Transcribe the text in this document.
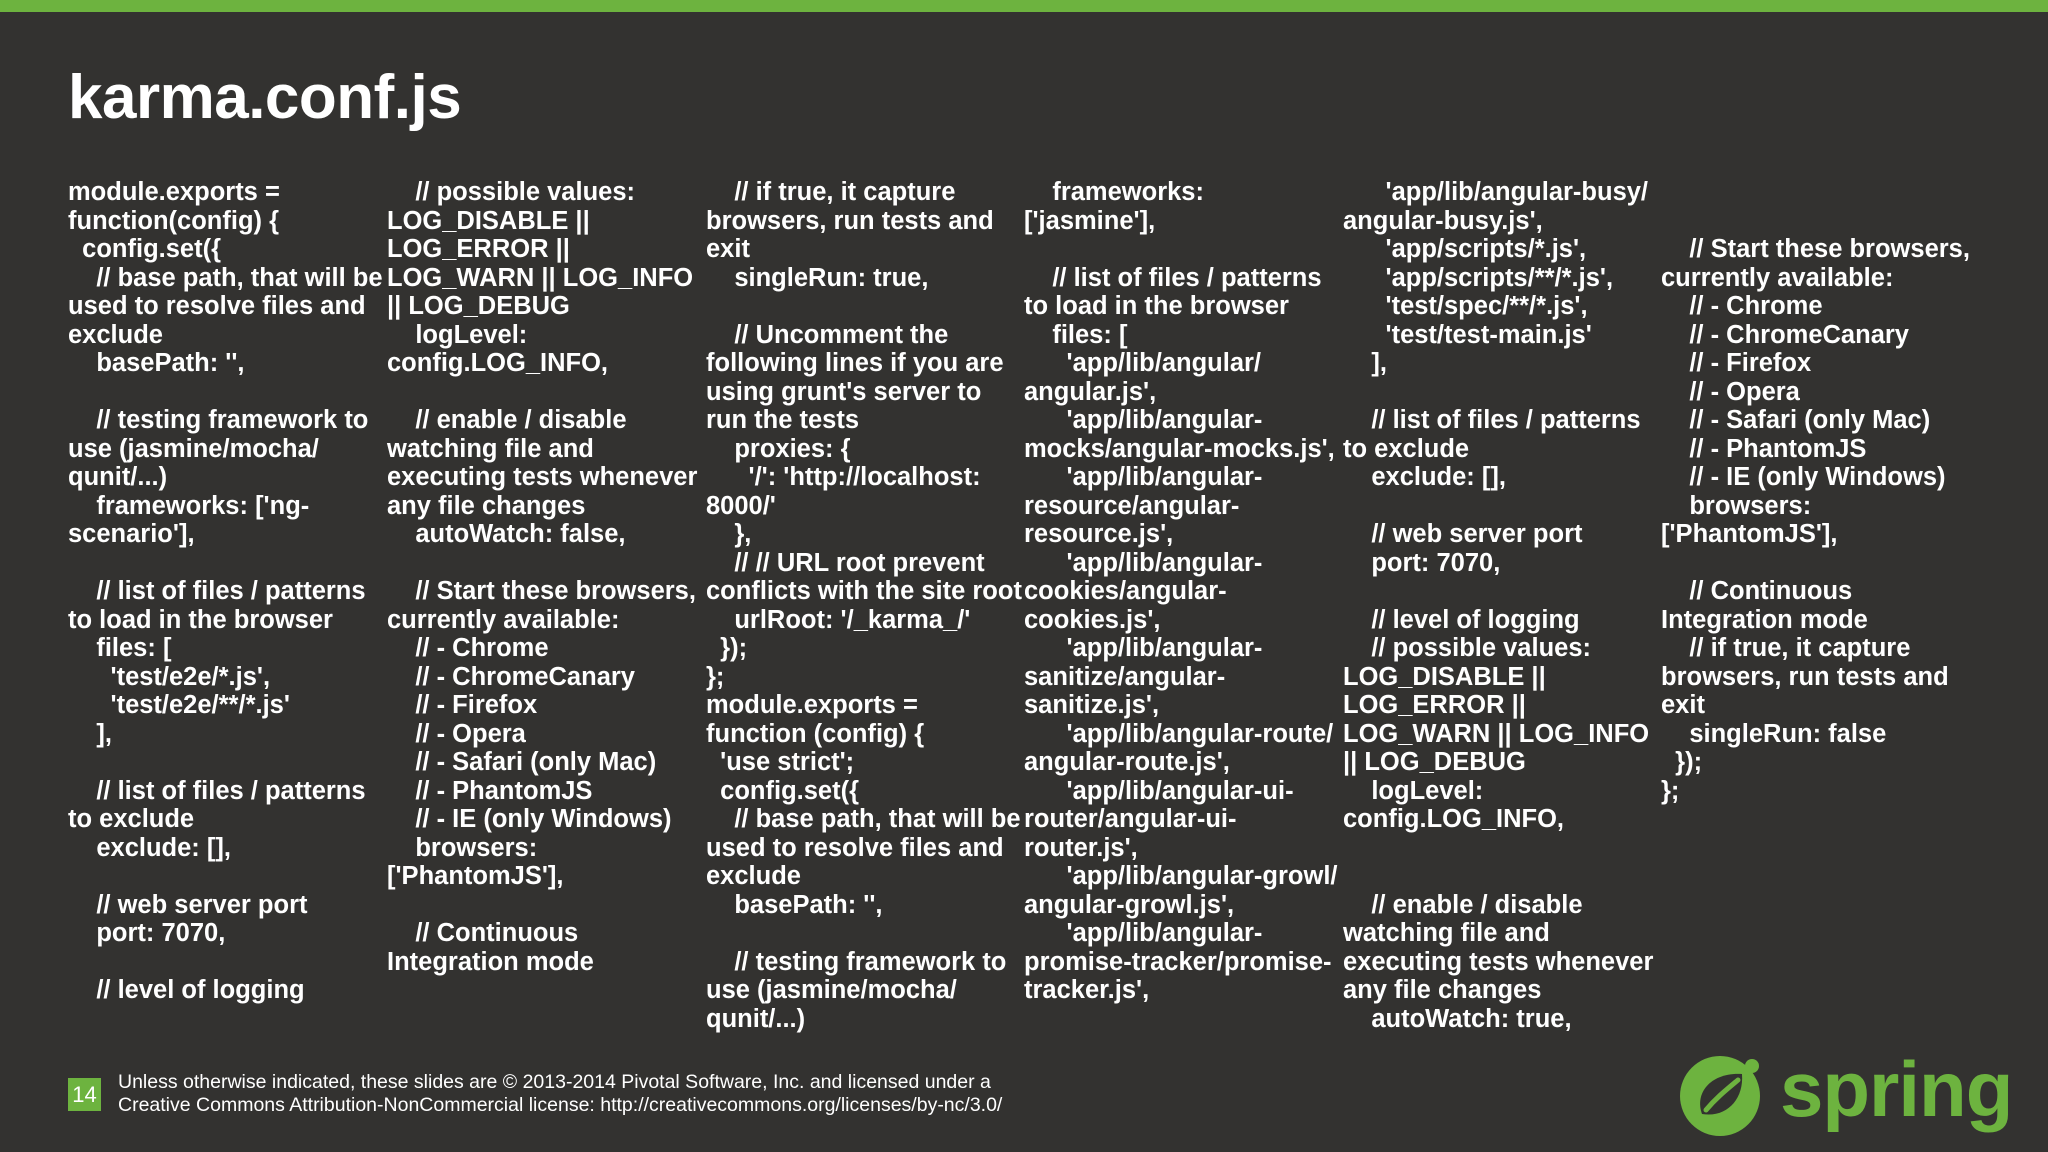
karma.conf.js
module.exports =
function(config) {
config.set({
// base path, that will be
used to resolve files and
exclude
basePath: '',

// testing framework to
use (jasmine/mocha/
qunit/...)
frameworks: ['ng-
scenario'],

// list of files / patterns
to load in the browser
files: [
'test/e2e/*.js',
'test/e2e/**/*.js'
],

// list of files / patterns
to exclude
exclude: [],

// web server port
port: 7070,

// level of logging
// possible values:
LOG_DISABLE ||
LOG_ERROR ||
LOG_WARN || LOG_INFO
|| LOG_DEBUG
logLevel:
config.LOG_INFO,

// enable / disable
watching file and
executing tests whenever
any file changes
autoWatch: false,

// Start these browsers,
currently available:
// - Chrome
// - ChromeCanary
// - Firefox
// - Opera
// - Safari (only Mac)
// - PhantomJS
// - IE (only Windows)
browsers:
['PhantomJS'],

// Continuous
Integration mode
// if true, it capture
browsers, run tests and
exit
singleRun: true,

// Uncomment the
following lines if you are
using grunt's server to
run the tests
proxies: {
'/': 'http://localhost:
8000/'
},
// // URL root prevent
conflicts with the site root
urlRoot: '/_karma_/'
});
};
module.exports =
function (config) {
'use strict';
config.set({
// base path, that will be
used to resolve files and
exclude
basePath: '',

// testing framework to
use (jasmine/mocha/
qunit/...)
frameworks:
['jasmine'],

// list of files / patterns
to load in the browser
files: [
'app/lib/angular/
angular.js',
'app/lib/angular-
mocks/angular-mocks.js',
'app/lib/angular-
resource/angular-
resource.js',
'app/lib/angular-
cookies/angular-
cookies.js',
'app/lib/angular-
sanitize/angular-
sanitize.js',
'app/lib/angular-route/
angular-route.js',
'app/lib/angular-ui-
router/angular-ui-
router.js',
'app/lib/angular-growl/
angular-growl.js',
'app/lib/angular-
promise-tracker/promise-
tracker.js',
'app/lib/angular-busy/
angular-busy.js',
'app/scripts/*.js',
'app/scripts/**/*.js',
'test/spec/**/*.js',
'test/test-main.js'
],

// list of files / patterns
to exclude
exclude: [],

// web server port
port: 7070,

// level of logging
// possible values:
LOG_DISABLE ||
LOG_ERROR ||
LOG_WARN || LOG_INFO
|| LOG_DEBUG
logLevel:
config.LOG_INFO,

// enable / disable
watching file and
executing tests whenever
any file changes
autoWatch: true,

// Start these browsers,
currently available:
// - Chrome
// - ChromeCanary
// - Firefox
// - Opera
// - Safari (only Mac)
// - PhantomJS
// - IE (only Windows)
browsers:
['PhantomJS'],

// Continuous
Integration mode
// if true, it capture
browsers, run tests and
exit
singleRun: false
});
};
14 Unless otherwise indicated, these slides are © 2013-2014 Pivotal Software, Inc. and licensed under a
Creative Commons Attribution-NonCommercial license: http://creativecommons.org/licenses/by-nc/3.0/	spring
